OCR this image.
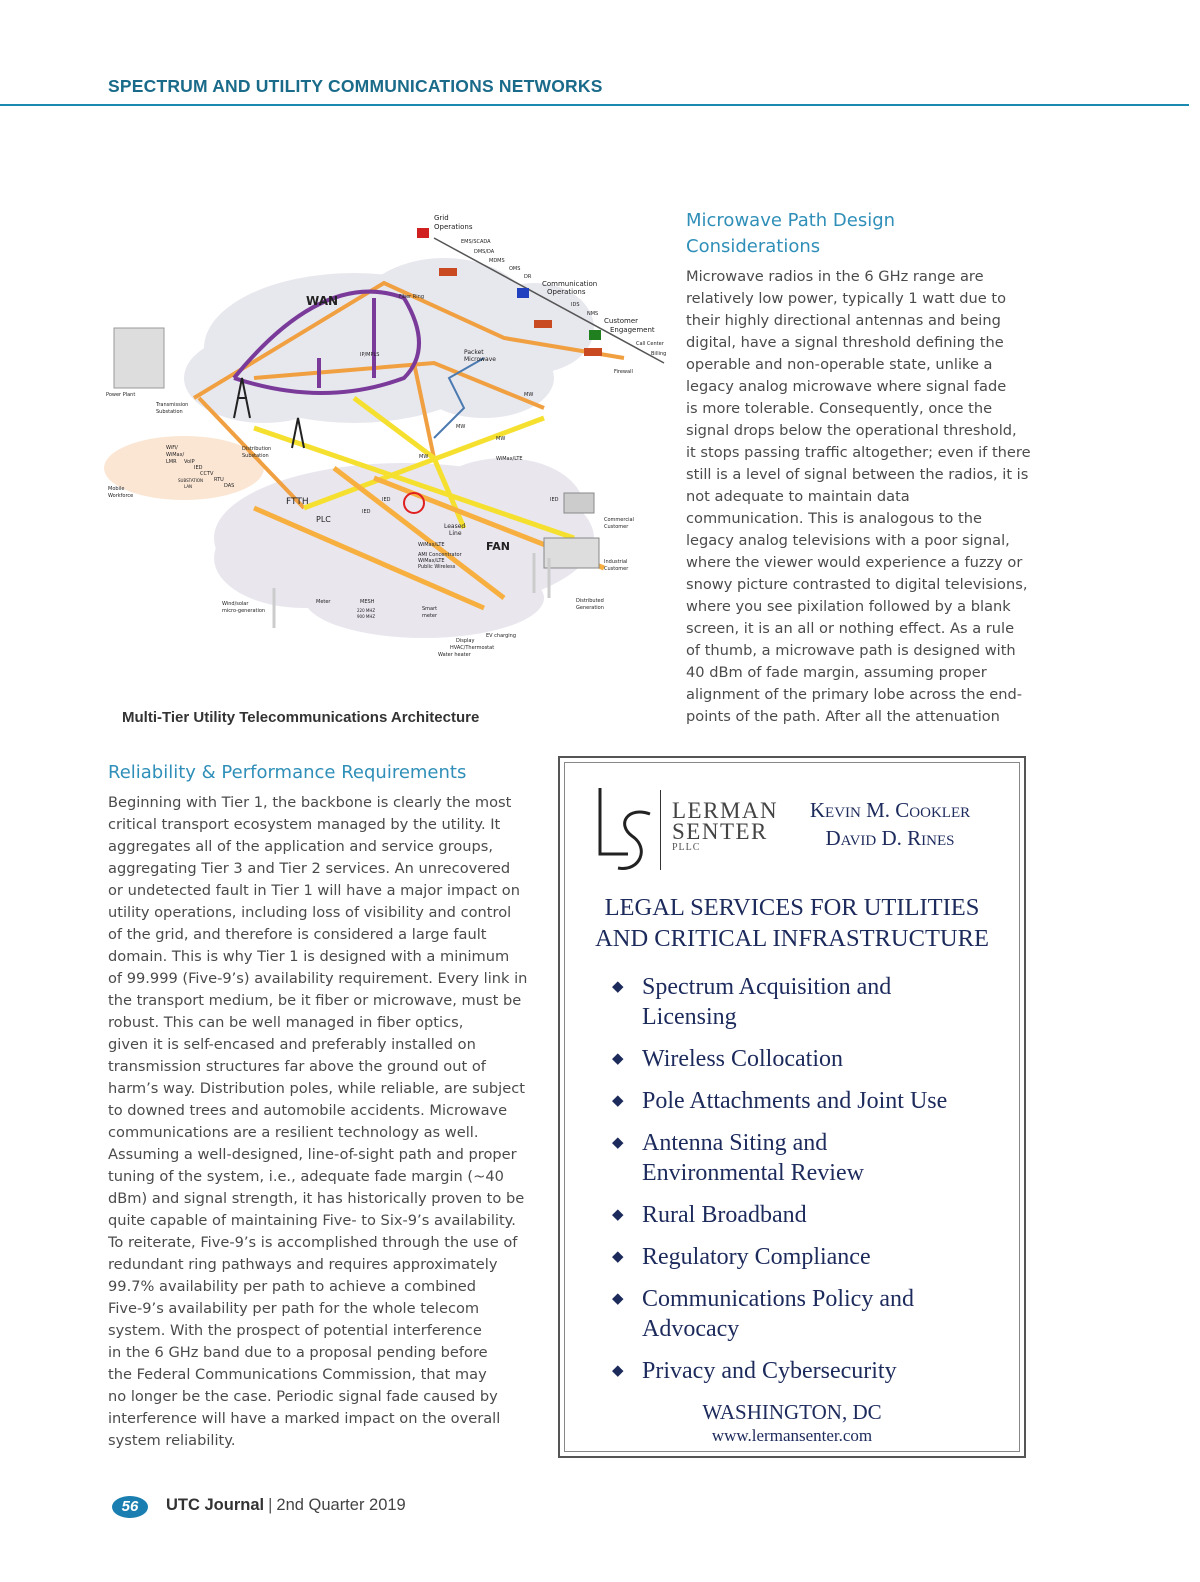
SPECTRUM AND UTILITY COMMUNICATIONS NETWORKS
Grid
Operations
EMS/SCADA
DMS/DA
MDMS
OMS
DR
Communication
Operations
IDS
NMS
Customer
Engagement
Call Center
Billing
Firewall
WAN	Fiber Ring
IP/MPLS	Packet
Microwave
MW
MW
MW
MW	WiMax/LTE
Power Plant
Transmission
Substation
Distribution
Substation
WiFi/
WiMax/
LMR VoIP
IED
CCTV
RTU
DAS
SUBSTATION
LAN
Mobile
Workforce
FTTH
PLC
IED
IED	IED
Leased
Line
WiMax/LTE	FAN
AMI Concentrator
WiMax/LTE
Public Wireless
Commercial
Customer
Industrial
Customer
Distributed
Generation
Wind/solar
micro-generation
Meter	MESH
220 MHZ
900 MHZ
Smart
meter
EV charging
Display
HVAC/Thermostat
Water heater
Multi-Tier Utility Telecommunications Architecture
Microwave Path Design
Considerations

Microwave radios in the 6 GHz range are

relatively low power, typically 1 watt due to

their highly directional antennas and being

digital, have a signal threshold defining the

operable and non-operable state, unlike a

legacy analog microwave where signal fade

is more tolerable. Consequently, once the

signal drops below the operational threshold,

it stops passing traffic altogether; even if there

still is a level of signal between the radios, it is

not adequate to maintain data

communication. This is analogous to the

legacy analog televisions with a poor signal,

where the viewer would experience a fuzzy or

snowy picture contrasted to digital televisions,

where you see pixilation followed by a blank

screen, it is an all or nothing effect. As a rule

of thumb, a microwave path is designed with

40 dBm of fade margin, assuming proper

alignment of the primary lobe across the end-

points of the path. After all the attenuation

Reliability & Performance Requirements

Beginning with Tier 1, the backbone is clearly the most

critical transport ecosystem managed by the utility. It

aggregates all of the application and service groups,

aggregating Tier 3 and Tier 2 services. An unrecovered

or undetected fault in Tier 1 will have a major impact on

utility operations, including loss of visibility and control

of the grid, and therefore is considered a large fault

domain. This is why Tier 1 is designed with a minimum

of 99.999 (Five-9’s) availability requirement. Every link in

the transport medium, be it fiber or microwave, must be

robust. This can be well managed in fiber optics,

given it is self-encased and preferably installed on

transmission structures far above the ground out of

harm’s way. Distribution poles, while reliable, are subject

to downed trees and automobile accidents. Microwave

communications are a resilient technology as well.

Assuming a well-designed, line-of-sight path and proper

tuning of the system, i.e., adequate fade margin (~40

dBm) and signal strength, it has historically proven to be

quite capable of maintaining Five- to Six-9’s availability.

To reiterate, Five-9’s is accomplished through the use of

redundant ring pathways and requires approximately

99.7% availability per path to achieve a combined

Five-9’s availability per path for the whole telecom

system. With the prospect of potential interference

in the 6 GHz band due to a proposal pending before

the Federal Communications Commission, that may

no longer be the case. Periodic signal fade caused by

interference will have a marked impact on the overall

system reliability.

LERMAN
SENTER
PLLC
Kevin M. Cookler
David D. Rines
LEGAL SERVICES FOR UTILITIES
AND CRITICAL INFRASTRUCTURE
◆ Spectrum Acquisition and
Licensing
◆ Wireless Collocation
◆ Pole Attachments and Joint Use
◆ Antenna Siting and
Environmental Review
◆ Rural Broadband
◆ Regulatory Compliance
◆ Communications Policy and
Advocacy
◆ Privacy and Cybersecurity
WASHINGTON, DC
www.lermansenter.com
56	UTC Journal | 2nd Quarter 2019
